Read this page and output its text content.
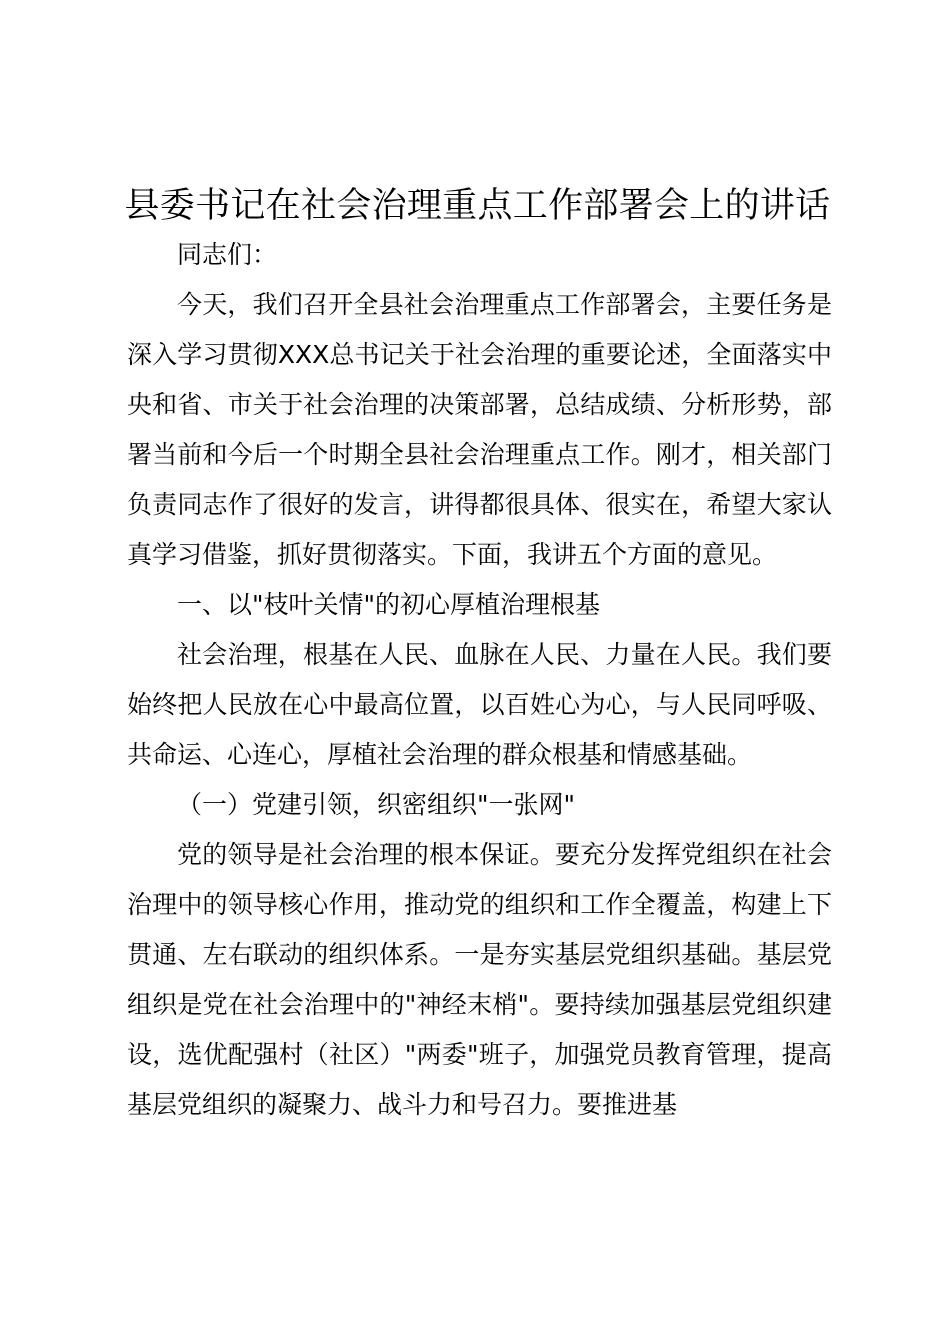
县委书记在社会治理重点工作部署会上的讲话

同志们：

今天，我们召开全县社会治理重点工作部署会，主要任务是深入学习贯彻XXX总书记关于社会治理的重要论述，全面落实中央和省、市关于社会治理的决策部署，总结成绩、分析形势，部署当前和今后一个时期全县社会治理重点工作。刚才，相关部门负责同志作了很好的发言，讲得都很具体、很实在，希望大家认真学习借鉴，抓好贯彻落实。下面，我讲五个方面的意见。

一、以"枝叶关情"的初心厚植治理根基

社会治理，根基在人民、血脉在人民、力量在人民。我们要始终把人民放在心中最高位置，以百姓心为心，与人民同呼吸、共命运、心连心，厚植社会治理的群众根基和情感基础。

（一）党建引领，织密组织"一张网"

党的领导是社会治理的根本保证。要充分发挥党组织在社会治理中的领导核心作用，推动党的组织和工作全覆盖，构建上下贯通、左右联动的组织体系。一是夯实基层党组织基础。基层党组织是党在社会治理中的"神经末梢"。要持续加强基层党组织建设，选优配强村（社区）"两委"班子，加强党员教育管理，提高基层党组织的凝聚力、战斗力和号召力。要推进基
